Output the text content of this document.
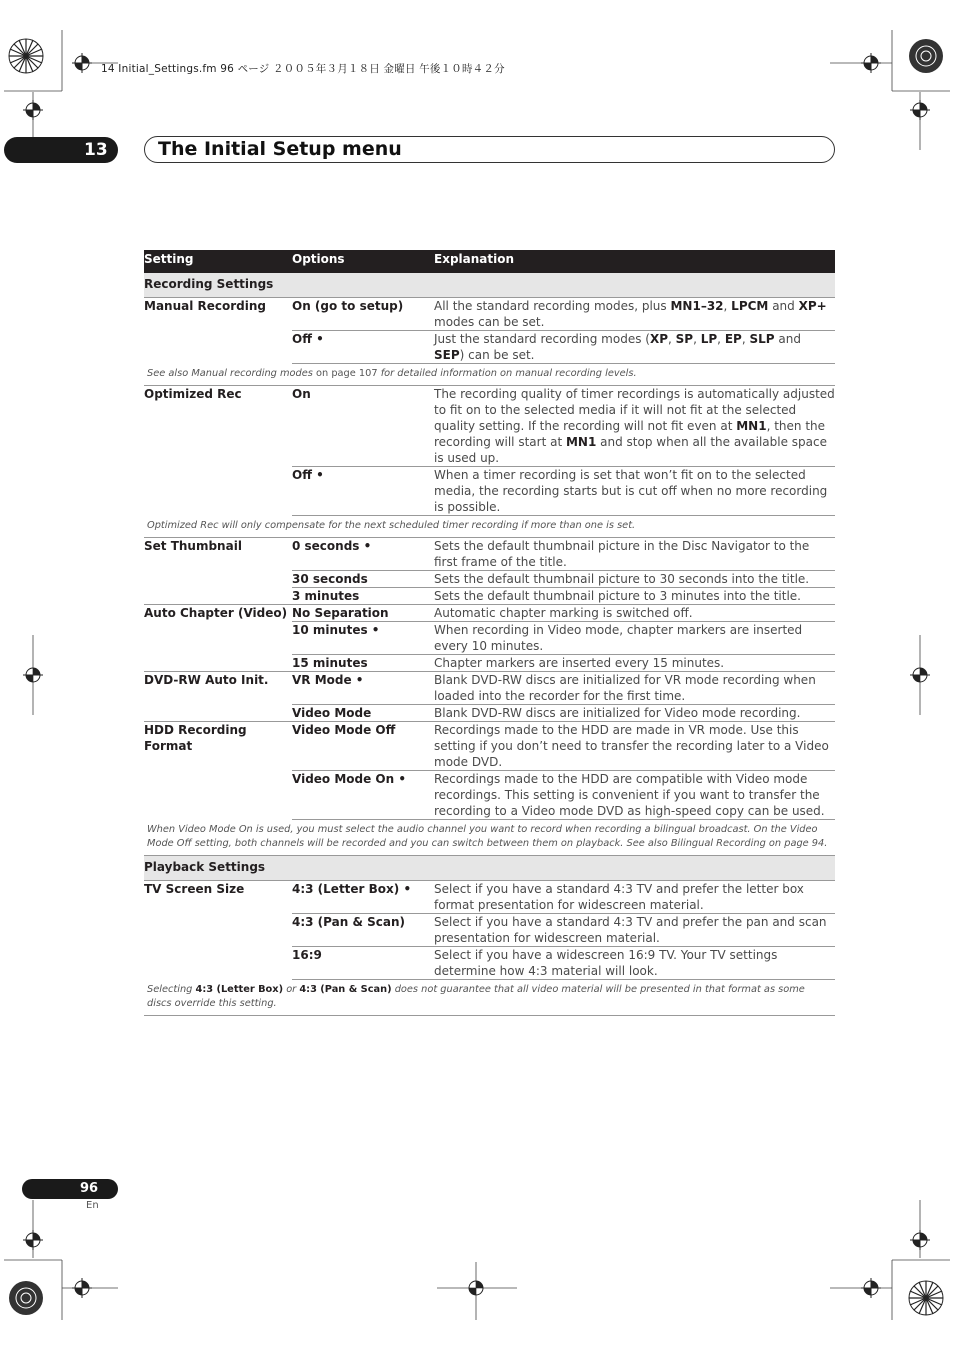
14 Initial_Settings.fm 96 ページ ２００５年３月１８日 金曜日 午後１０時４２分
13	The Initial Setup menu
Setting	Options	Explanation
Recording Settings		
Manual Recording	On (go to setup)	All the standard recording modes, plus MN1–32, LPCM and XP+ modes can be set.
	Off •	Just the standard recording modes (XP, SP, LP, EP, SLP and SEP) can be set.
See also Manual recording modes on page 107 for detailed information on manual recording levels.		
Optimized Rec	On	The recording quality of timer recordings is automatically adjusted to fit on to the selected media if it will not fit at the selected quality setting. If the recording will not fit even at MN1, then the recording will start at MN1 and stop when all the available space is used up.
	Off •	When a timer recording is set that won’t fit on to the selected media, the recording starts but is cut off when no more recording is possible.
Optimized Rec will only compensate for the next scheduled timer recording if more than one is set.		
Set Thumbnail	0 seconds •	Sets the default thumbnail picture in the Disc Navigator to the first frame of the title.
	30 seconds	Sets the default thumbnail picture to 30 seconds into the title.
	3 minutes	Sets the default thumbnail picture to 3 minutes into the title.
Auto Chapter (Video)	No Separation	Automatic chapter marking is switched off.
	10 minutes •	When recording in Video mode, chapter markers are inserted every 10 minutes.
	15 minutes	Chapter markers are inserted every 15 minutes.
DVD-RW Auto Init.	VR Mode •	Blank DVD-RW discs are initialized for VR mode recording when loaded into the recorder for the first time.
	Video Mode	Blank DVD-RW discs are initialized for Video mode recording.
HDD Recording Format	Video Mode Off	Recordings made to the HDD are made in VR mode. Use this setting if you don’t need to transfer the recording later to a Video mode DVD.
	Video Mode On •	Recordings made to the HDD are compatible with Video mode recordings. This setting is convenient if you want to transfer the recording to a Video mode DVD as high-speed copy can be used.
When Video Mode On is used, you must select the audio channel you want to record when recording a bilingual broadcast. On the Video Mode Off setting, both channels will be recorded and you can switch between them on playback. See also Bilingual Recording on page 94.		
Playback Settings		
TV Screen Size	4:3 (Letter Box) •	Select if you have a standard 4:3 TV and prefer the letter box format presentation for widescreen material.
	4:3 (Pan & Scan)	Select if you have a standard 4:3 TV and prefer the pan and scan presentation for widescreen material.
	16:9	Select if you have a widescreen 16:9 TV. Your TV settings determine how 4:3 material will look.
Selecting 4:3 (Letter Box) or 4:3 (Pan & Scan) does not guarantee that all video material will be presented in that format as some discs override this setting.		
96
En
